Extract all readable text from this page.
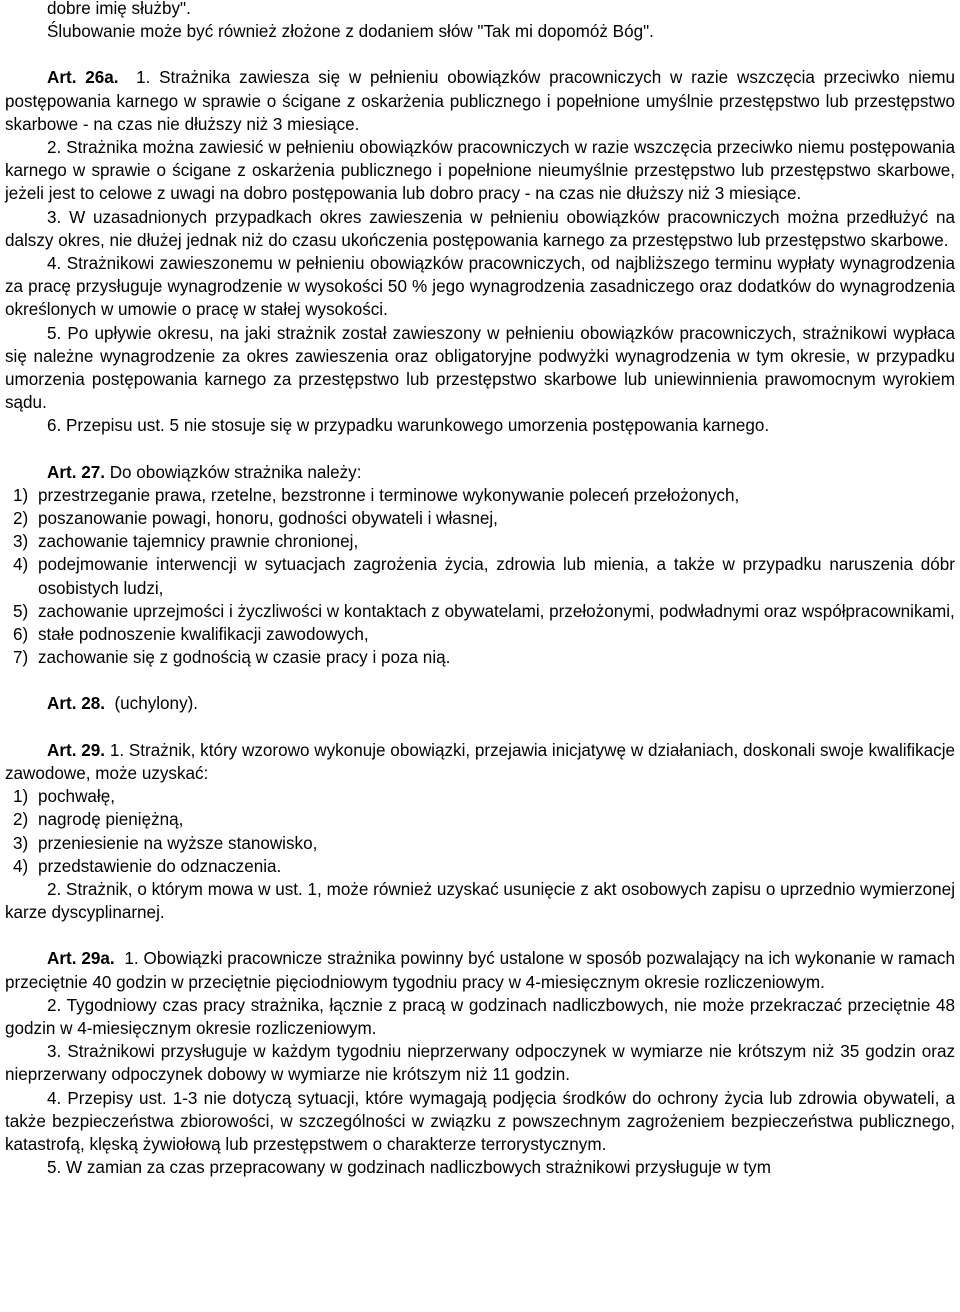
dobre imię służby".

Ślubowanie może być również złożone z dodaniem słów "Tak mi dopomóż Bóg".

Art. 26a. 1. Strażnika zawiesza się w pełnieniu obowiązków pracowniczych w razie wszczęcia przeciwko niemu postępowania karnego w sprawie o ścigane z oskarżenia publicznego i popełnione umyślnie przestępstwo lub przestępstwo skarbowe - na czas nie dłuższy niż 3 miesiące.

2. Strażnika można zawiesić w pełnieniu obowiązków pracowniczych w razie wszczęcia przeciwko niemu postępowania karnego w sprawie o ścigane z oskarżenia publicznego i popełnione nieumyślnie przestępstwo lub przestępstwo skarbowe, jeżeli jest to celowe z uwagi na dobro postępowania lub dobro pracy - na czas nie dłuższy niż 3 miesiące.

3. W uzasadnionych przypadkach okres zawieszenia w pełnieniu obowiązków pracowniczych można przedłużyć na dalszy okres, nie dłużej jednak niż do czasu ukończenia postępowania karnego za przestępstwo lub przestępstwo skarbowe.

4. Strażnikowi zawieszonemu w pełnieniu obowiązków pracowniczych, od najbliższego terminu wypłaty wynagrodzenia za pracę przysługuje wynagrodzenie w wysokości 50 % jego wynagrodzenia zasadniczego oraz dodatków do wynagrodzenia określonych w umowie o pracę w stałej wysokości.

5. Po upływie okresu, na jaki strażnik został zawieszony w pełnieniu obowiązków pracowniczych, strażnikowi wypłaca się należne wynagrodzenie za okres zawieszenia oraz obligatoryjne podwyżki wynagrodzenia w tym okresie, w przypadku umorzenia postępowania karnego za przestępstwo lub przestępstwo skarbowe lub uniewinnienia prawomocnym wyrokiem sądu.

6. Przepisu ust. 5 nie stosuje się w przypadku warunkowego umorzenia postępowania karnego.

Art. 27. Do obowiązków strażnika należy:

1) przestrzeganie prawa, rzetelne, bezstronne i terminowe wykonywanie poleceń przełożonych,
2) poszanowanie powagi, honoru, godności obywateli i własnej,
3) zachowanie tajemnicy prawnie chronionej,
4) podejmowanie interwencji w sytuacjach zagrożenia życia, zdrowia lub mienia, a także w przypadku naruszenia dóbr osobistych ludzi,
5) zachowanie uprzejmości i życzliwości w kontaktach z obywatelami, przełożonymi, podwładnymi oraz współpracownikami,
6) stałe podnoszenie kwalifikacji zawodowych,
7) zachowanie się z godnością w czasie pracy i poza nią.

Art. 28. (uchylony).

Art. 29. 1. Strażnik, który wzorowo wykonuje obowiązki, przejawia inicjatywę w działaniach, doskonali swoje kwalifikacje zawodowe, może uzyskać:

1) pochwałę,
2) nagrodę pieniężną,
3) przeniesienie na wyższe stanowisko,
4) przedstawienie do odznaczenia.

2. Strażnik, o którym mowa w ust. 1, może również uzyskać usunięcie z akt osobowych zapisu o uprzednio wymierzonej karze dyscyplinarnej.

Art. 29a. 1. Obowiązki pracownicze strażnika powinny być ustalone w sposób pozwalający na ich wykonanie w ramach przeciętnie 40 godzin w przeciętnie pięciodniowym tygodniu pracy w 4-miesięcznym okresie rozliczeniowym.

2. Tygodniowy czas pracy strażnika, łącznie z pracą w godzinach nadliczbowych, nie może przekraczać przeciętnie 48 godzin w 4-miesięcznym okresie rozliczeniowym.

3. Strażnikowi przysługuje w każdym tygodniu nieprzerwany odpoczynek w wymiarze nie krótszym niż 35 godzin oraz nieprzerwany odpoczynek dobowy w wymiarze nie krótszym niż 11 godzin.

4. Przepisy ust. 1-3 nie dotyczą sytuacji, które wymagają podjęcia środków do ochrony życia lub zdrowia obywateli, a także bezpieczeństwa zbiorowości, w szczególności w związku z powszechnym zagrożeniem bezpieczeństwa publicznego, katastrofą, klęską żywiołową lub przestępstwem o charakterze terrorystycznym.

5. W zamian za czas przepracowany w godzinach nadliczbowych strażnikowi przysługuje w tym
